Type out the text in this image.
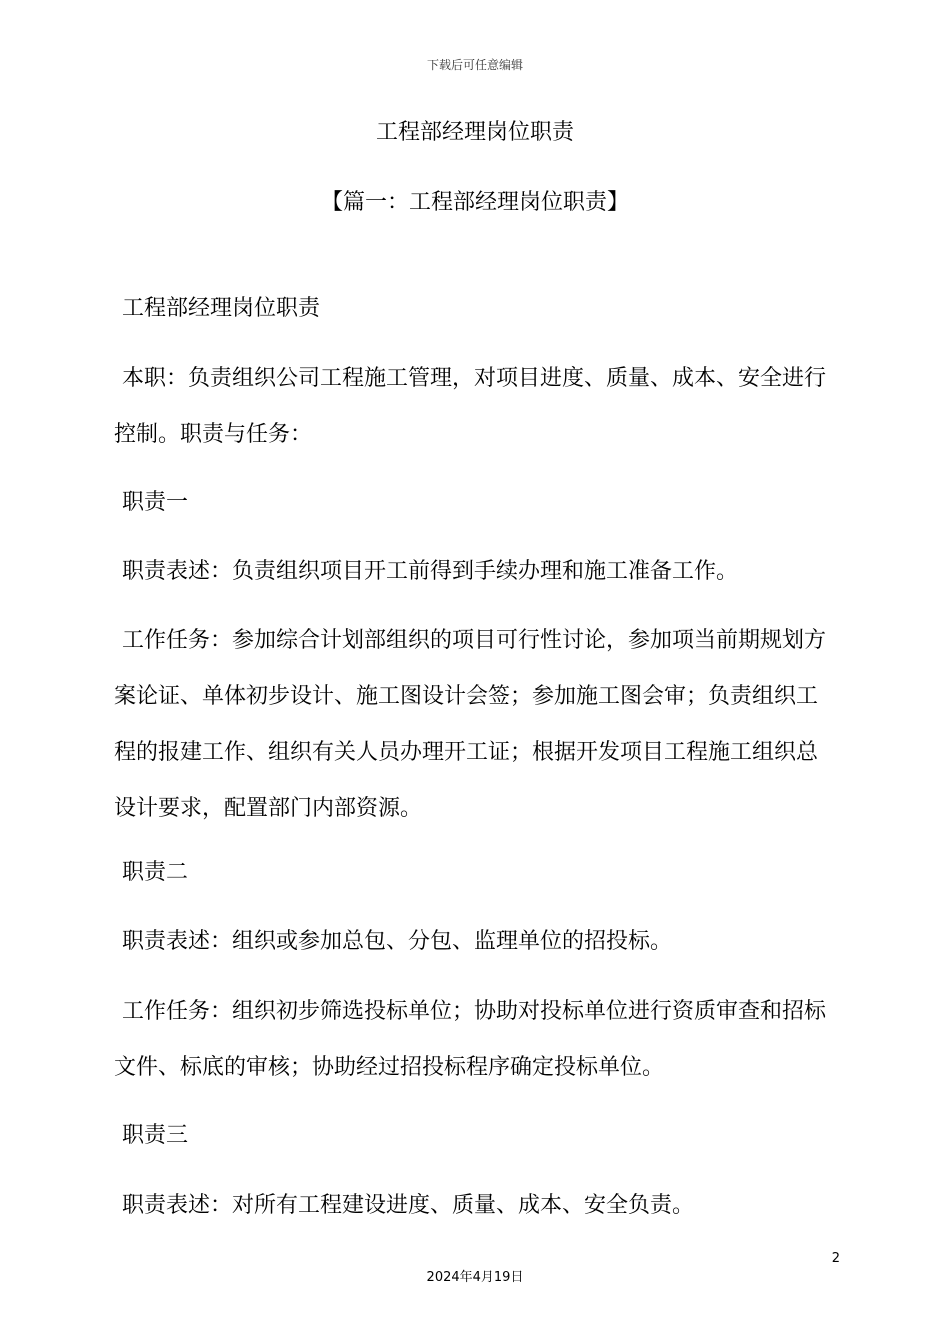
下载后可任意编辑
工程部经理岗位职责
【篇一：工程部经理岗位职责】

工程部经理岗位职责

本职：负责组织公司工程施工管理，对项目进度、质量、成本、安全进行控制。职责与任务：

职责一

职责表述：负责组织项目开工前得到手续办理和施工准备工作。

工作任务：参加综合计划部组织的项目可行性讨论，参加项当前期规划方案论证、单体初步设计、施工图设计会签；参加施工图会审；负责组织工程的报建工作、组织有关人员办理开工证；根据开发项目工程施工组织总设计要求，配置部门内部资源。

职责二

职责表述：组织或参加总包、分包、监理单位的招投标。

工作任务：组织初步筛选投标单位；协助对投标单位进行资质审查和招标文件、标底的审核；协助经过招投标程序确定投标单位。

职责三

职责表述：对所有工程建设进度、质量、成本、安全负责。

2
2024年4月19日
